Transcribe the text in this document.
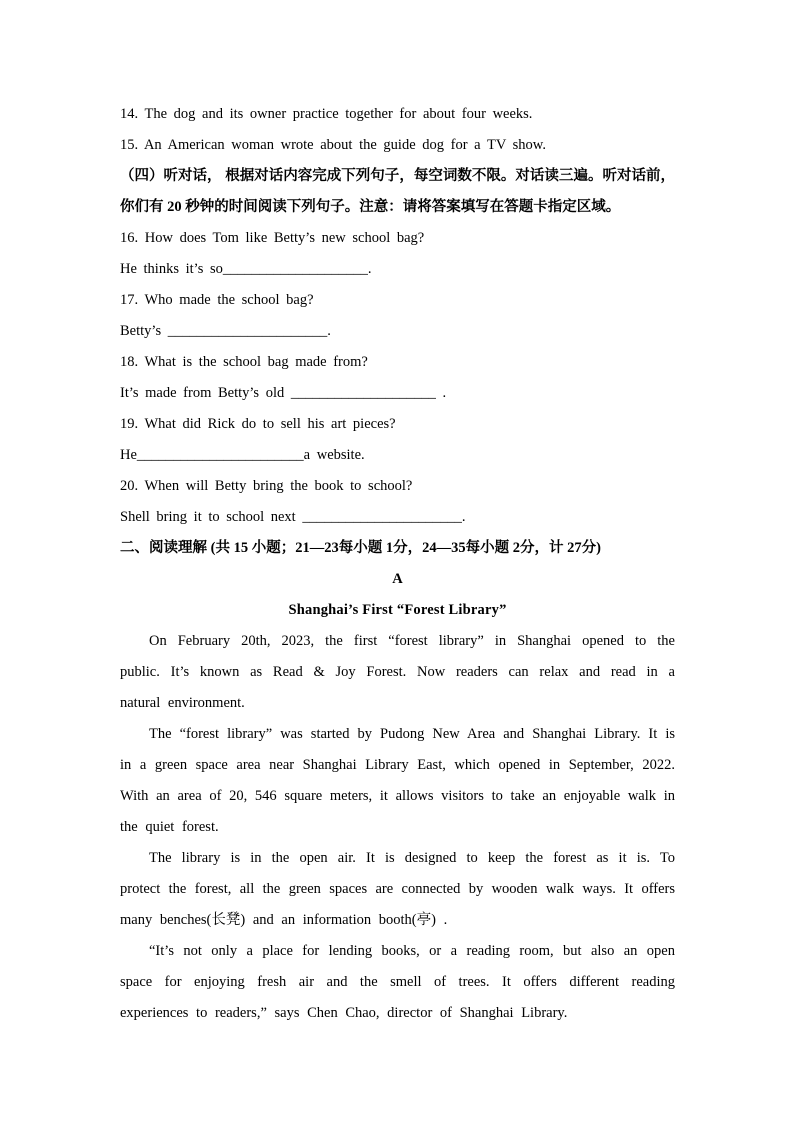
14. The dog and its owner practice together for about four weeks.

15. An American woman wrote about the guide dog for a TV show.

（四）听对话， 根据对话内容完成下列句子，每空词数不限。对话读三遍。听对话前，你们有 20 秒钟的时间阅读下列句子。注意：请将答案填写在答题卡指定区域。

16. How does Tom like Betty’s new school bag?

He thinks it’s so____________________.

17. Who made the school bag?

Betty’s ______________________.

18. What is the school bag made from?

It’s made from Betty’s old ____________________ .

19. What did Rick do to sell his art pieces?

He_______________________a website.

20. When will Betty bring the book to school?

Shell bring it to school next ______________________.

二、阅读理解 (共 15 小题；21—23每小题 1分，24—35每小题 2分，计 27分)

A

Shanghai’s First “Forest Library”

On February 20th, 2023, the first “forest library” in Shanghai opened to the public. It’s known as Read & Joy Forest. Now readers can relax and read in a natural environment.

The “forest library” was started by Pudong New Area and Shanghai Library. It is in a green space area near Shanghai Library East, which opened in September, 2022. With an area of 20, 546 square meters, it allows visitors to take an enjoyable walk in the quiet forest.

The library is in the open air. It is designed to keep the forest as it is. To protect the forest, all the green spaces are connected by wooden walk ways. It offers many benches(长凳) and an information booth(亭) .

“It’s not only a place for lending books, or a reading room, but also an open space for enjoying fresh air and the smell of trees. It offers different reading experiences to readers,” says Chen Chao, director of Shanghai Library.
